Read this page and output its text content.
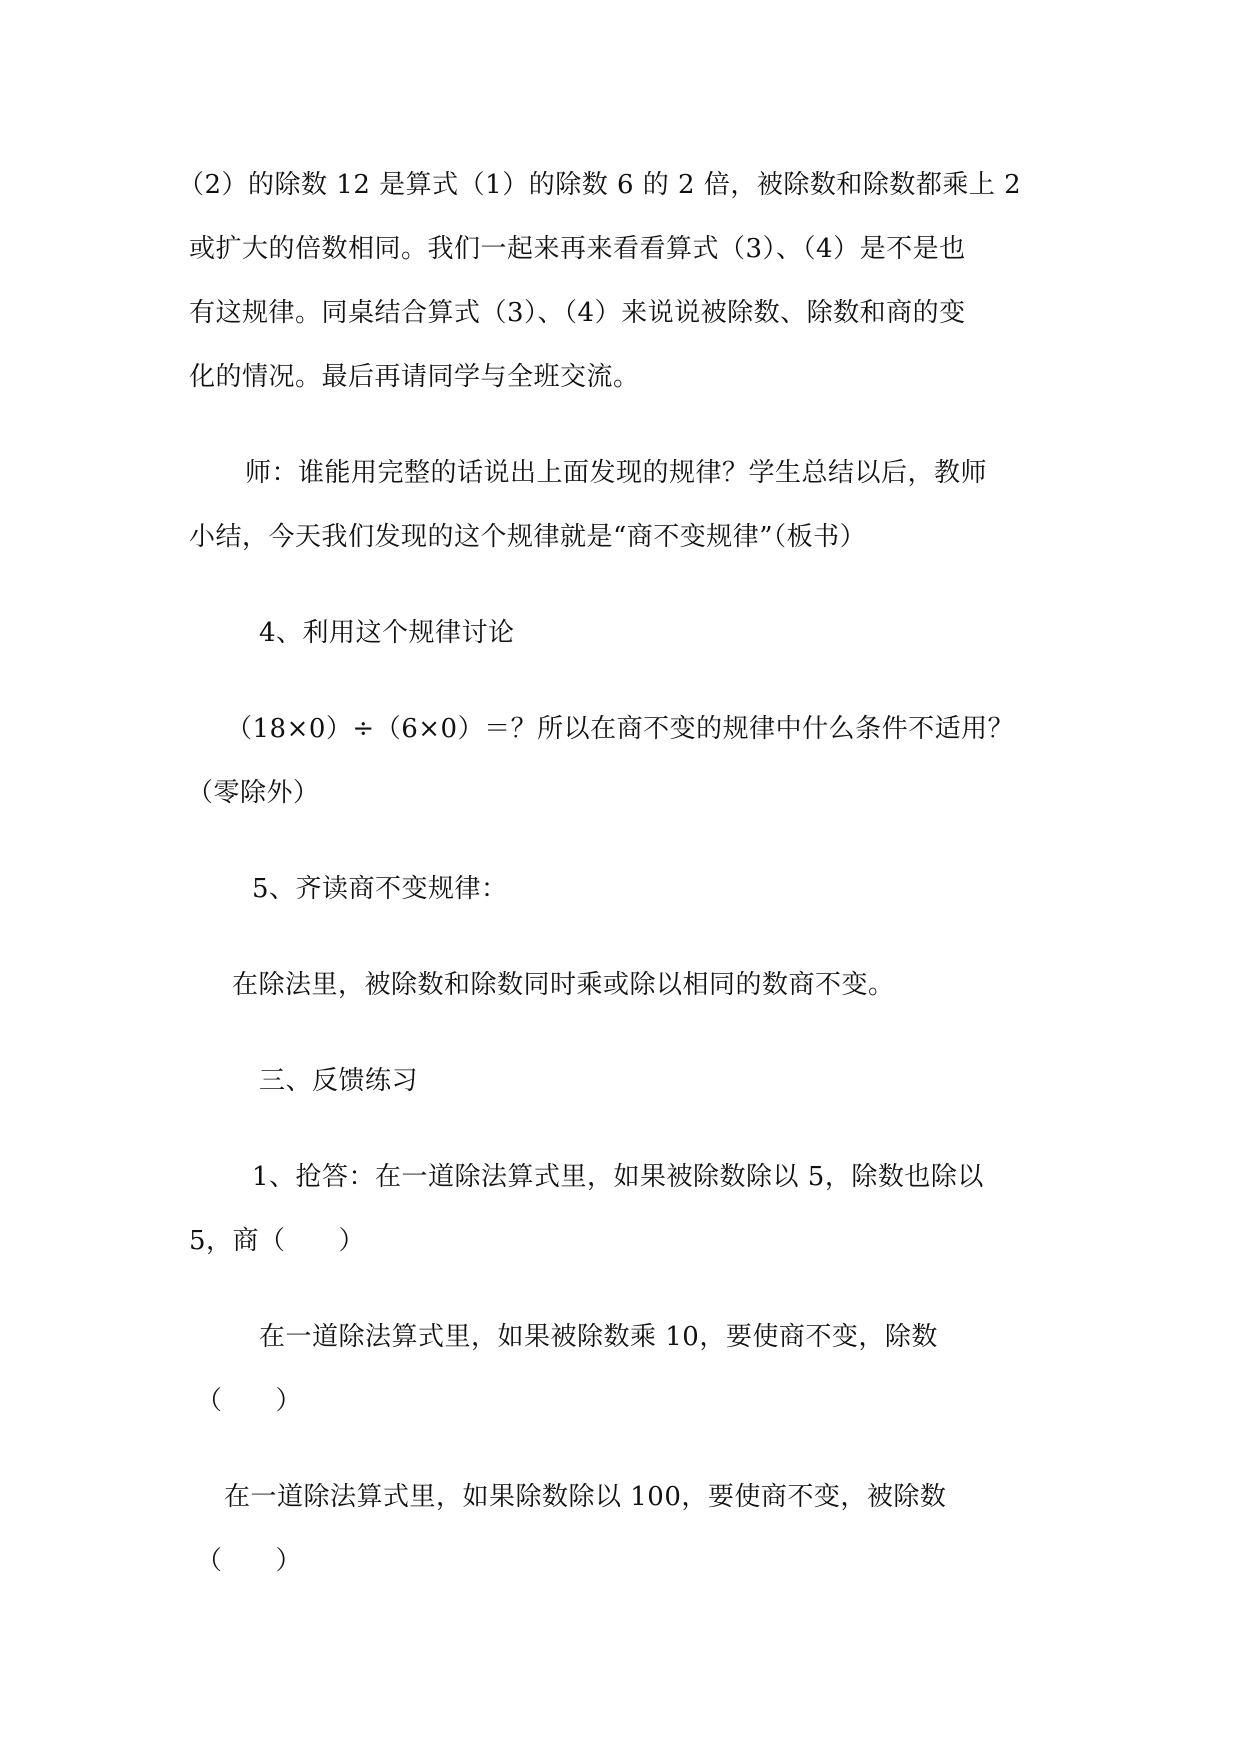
（2）的除数 12 是算式（1）的除数 6 的 2 倍，被除数和除数都乘上 2
或扩大的倍数相同。我们一起来再来看看算式（3）、（4）是不是也
有这规律。同桌结合算式（3）、（4）来说说被除数、除数和商的变
化的情况。最后再请同学与全班交流。
师：谁能用完整的话说出上面发现的规律？学生总结以后，教师
小结，今天我们发现的这个规律就是“商不变规律”（板书）
4、利用这个规律讨论
（18×0）÷（6×0）＝？所以在商不变的规律中什么条件不适用？
（零除外）
5、齐读商不变规律：
在除法里，被除数和除数同时乘或除以相同的数商不变。
三、反馈练习
1、抢答：在一道除法算式里，如果被除数除以 5，除数也除以
5，商（　　）
在一道除法算式里，如果被除数乘 10，要使商不变，除数
（　　）
在一道除法算式里，如果除数除以 100，要使商不变，被除数
（　　）
